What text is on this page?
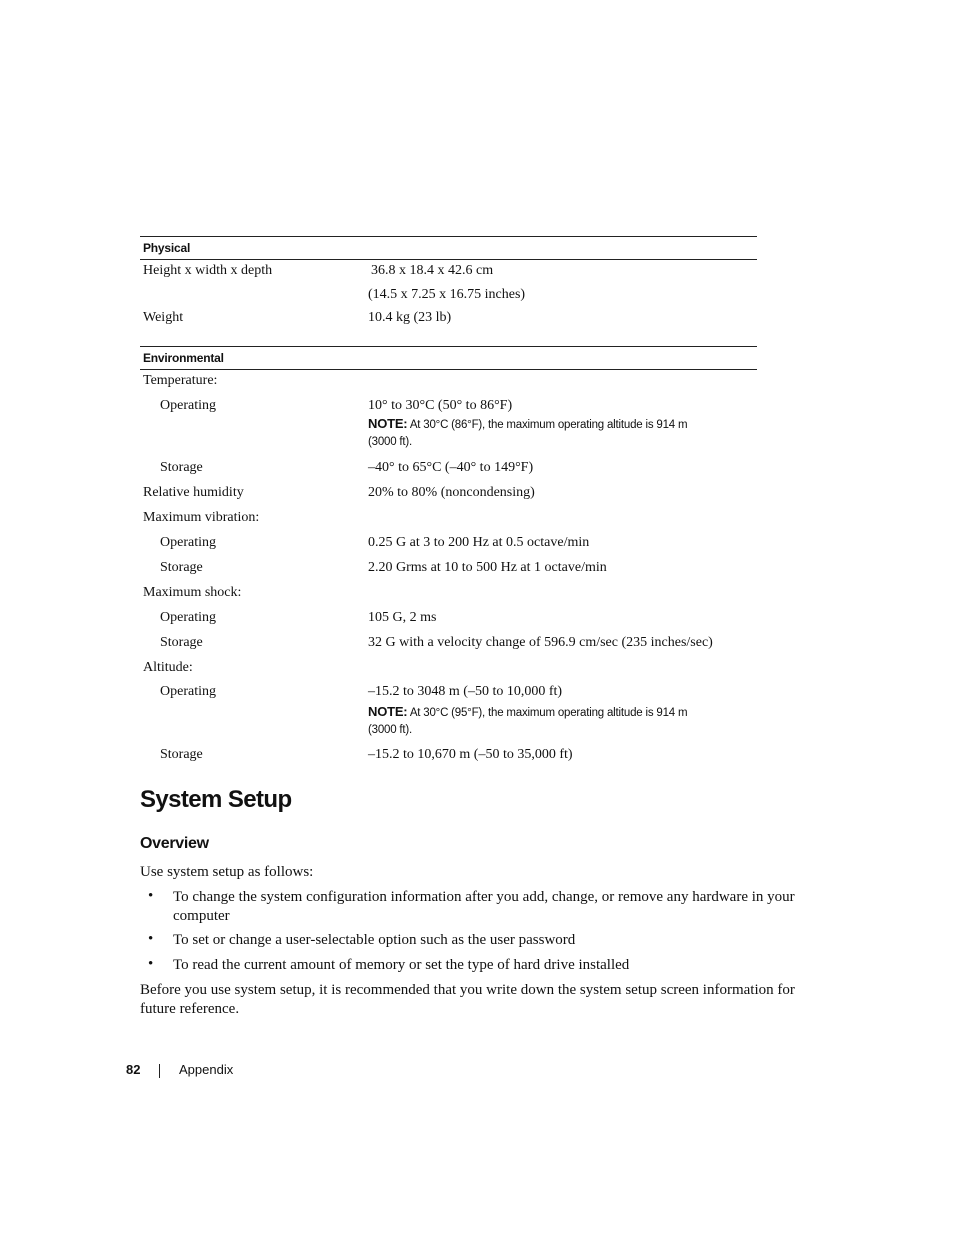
Physical
Height x width x depth	36.8 x 18.4 x 42.6 cm
(14.5 x 7.25 x 16.75 inches)
Weight	10.4 kg (23 lb)
Environmental
Temperature:
Operating	10° to 30°C (50° to 86°F)
NOTE: At 30°C (86°F), the maximum operating altitude is 914 m
(3000 ft).
Storage	–40° to 65°C (–40° to 149°F)
Relative humidity	20% to 80% (noncondensing)
Maximum vibration:
Operating	0.25 G at 3 to 200 Hz at 0.5 octave/min
Storage	2.20 Grms at 10 to 500 Hz at 1 octave/min
Maximum shock:
Operating	105 G, 2 ms
Storage	32 G with a velocity change of 596.9 cm/sec (235 inches/sec)
Altitude:
Operating	–15.2 to 3048 m (–50 to 10,000 ft)
NOTE: At 30°C (95°F), the maximum operating altitude is 914 m
(3000 ft).
Storage	–15.2 to 10,670 m (–50 to 35,000 ft)
System Setup
Overview
Use system setup as follows:
• To change the system configuration information after you add, change, or remove any hardware in your computer
• To set or change a user-selectable option such as the user password
• To read the current amount of memory or set the type of hard drive installed
Before you use system setup, it is recommended that you write down the system setup screen information for future reference.
82	Appendix
